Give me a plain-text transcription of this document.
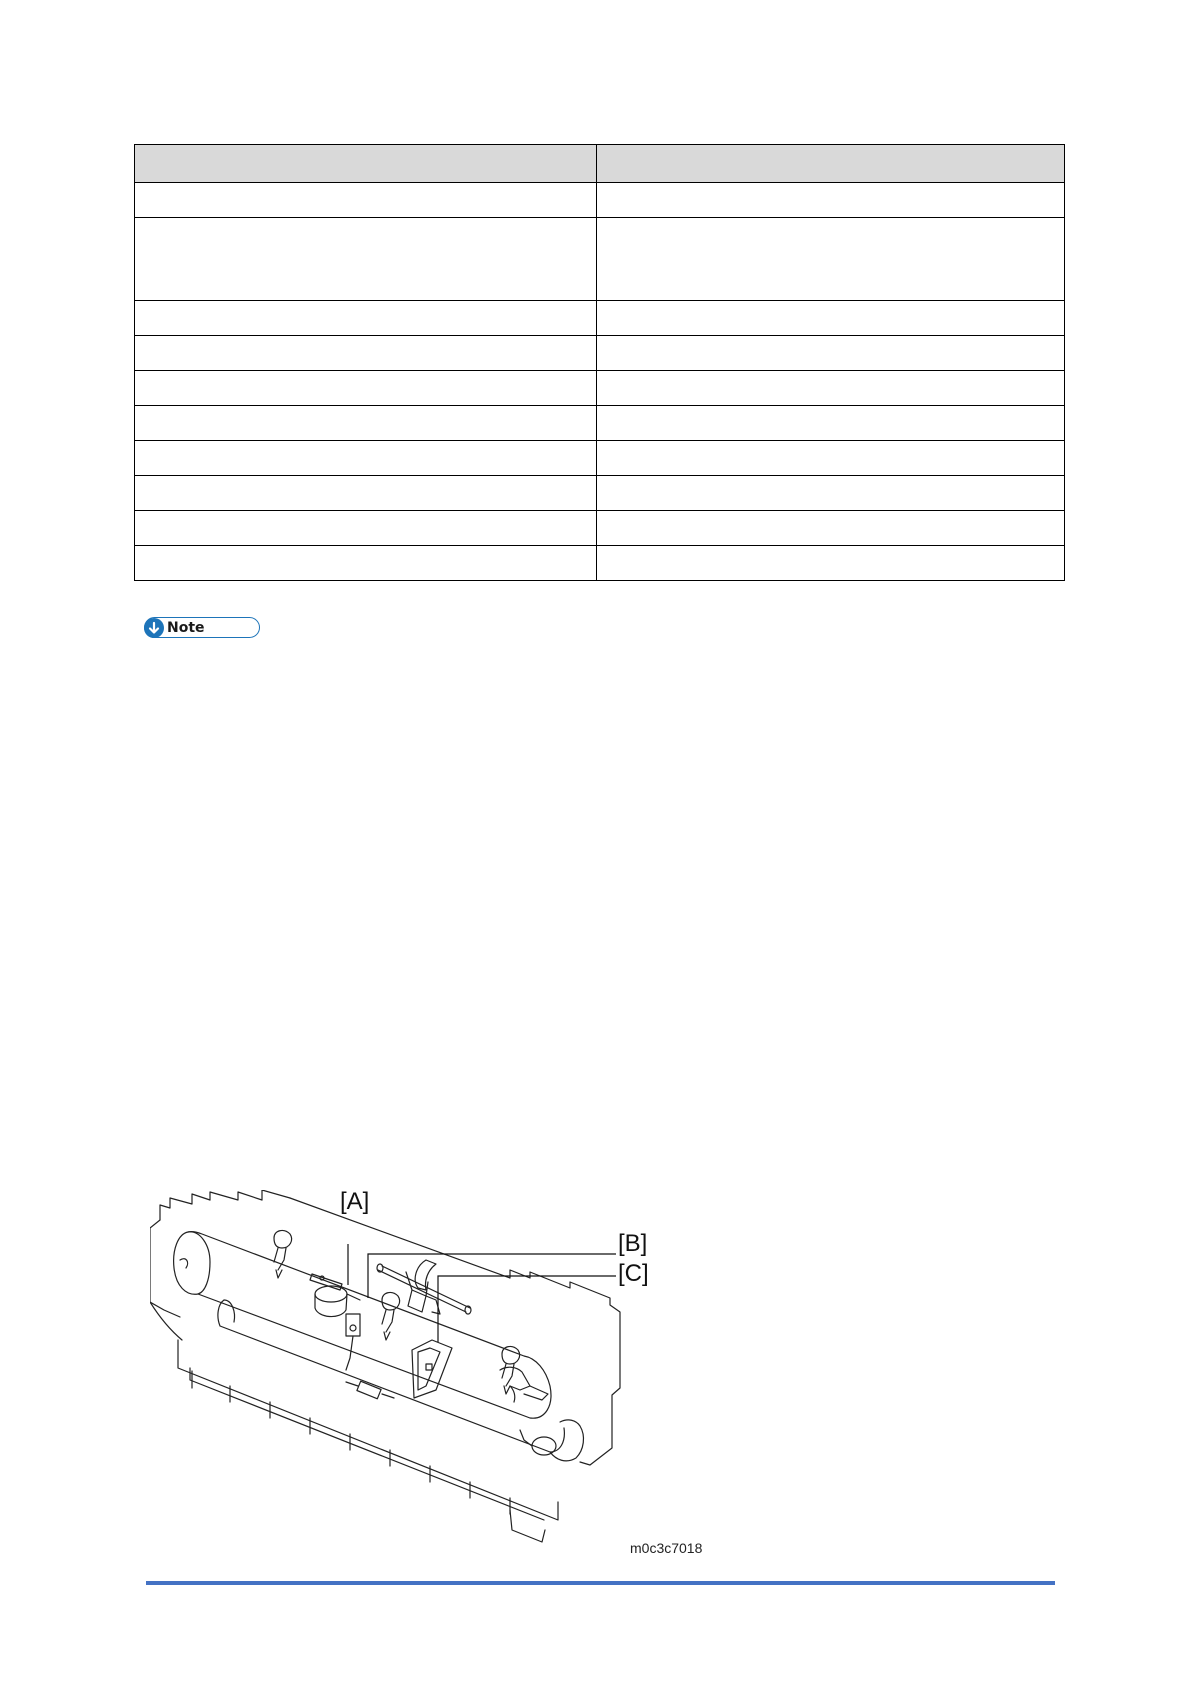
Note
[A]
[B]
[C]
m0c3c7018
